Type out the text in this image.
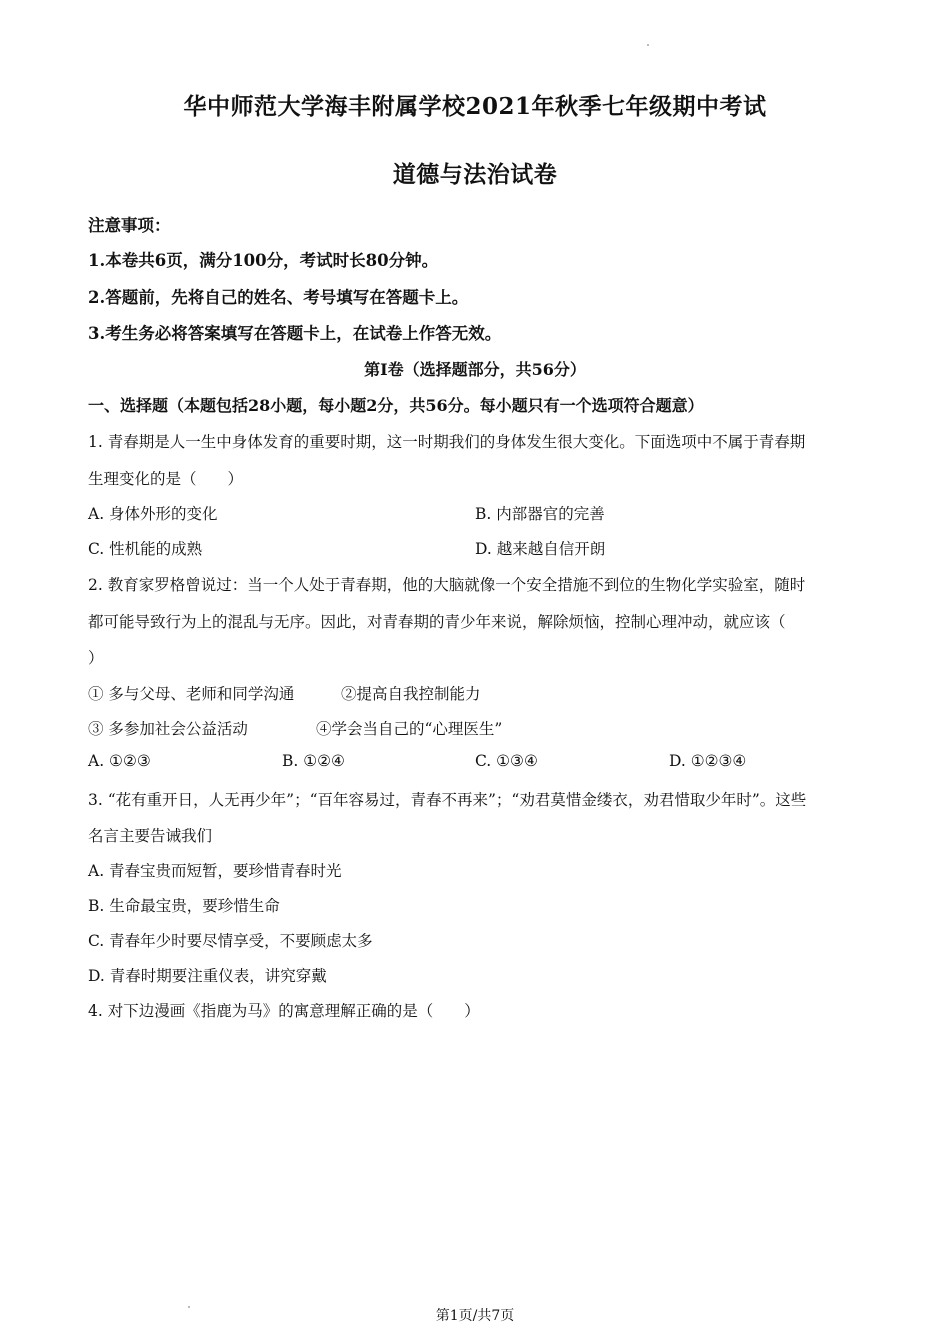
华中师范大学海丰附属学校2021年秋季七年级期中考试
道德与法治试卷
注意事项：
1.本卷共6页，满分100分，考试时长80分钟。
2.答题前，先将自己的姓名、考号填写在答题卡上。
3.考生务必将答案填写在答题卡上，在试卷上作答无效。
第Ⅰ卷（选择题部分，共56分）
一、选择题（本题包括28小题，每小题2分，共56分。每小题只有一个选项符合题意）
1. 青春期是人一生中身体发育的重要时期，这一时期我们的身体发生很大变化。下面选项中不属于青春期
生理变化的是（　　）
A. 身体外形的变化	B. 内部器官的完善
C. 性机能的成熟	D. 越来越自信开朗
2. 教育家罗格曾说过：当一个人处于青春期，他的大脑就像一个安全措施不到位的生物化学实验室，随时
都可能导致行为上的混乱与无序。因此，对青春期的青少年来说，解除烦恼，控制心理冲动，就应该（
）
① 多与父母、老师和同学沟通	②提高自我控制能力
③ 多参加社会公益活动	④学会当自己的“心理医生”
A. ①②③	B. ①②④	C. ①③④	D. ①②③④
3. “花有重开日，人无再少年”；“百年容易过，青春不再来”；“劝君莫惜金缕衣，劝君惜取少年时”。这些
名言主要告诫我们
A. 青春宝贵而短暂，要珍惜青春时光
B. 生命最宝贵，要珍惜生命
C. 青春年少时要尽情享受，不要顾虑太多
D. 青春时期要注重仪表，讲究穿戴
4. 对下边漫画《指鹿为马》的寓意理解正确的是（　　）
第1页/共7页
